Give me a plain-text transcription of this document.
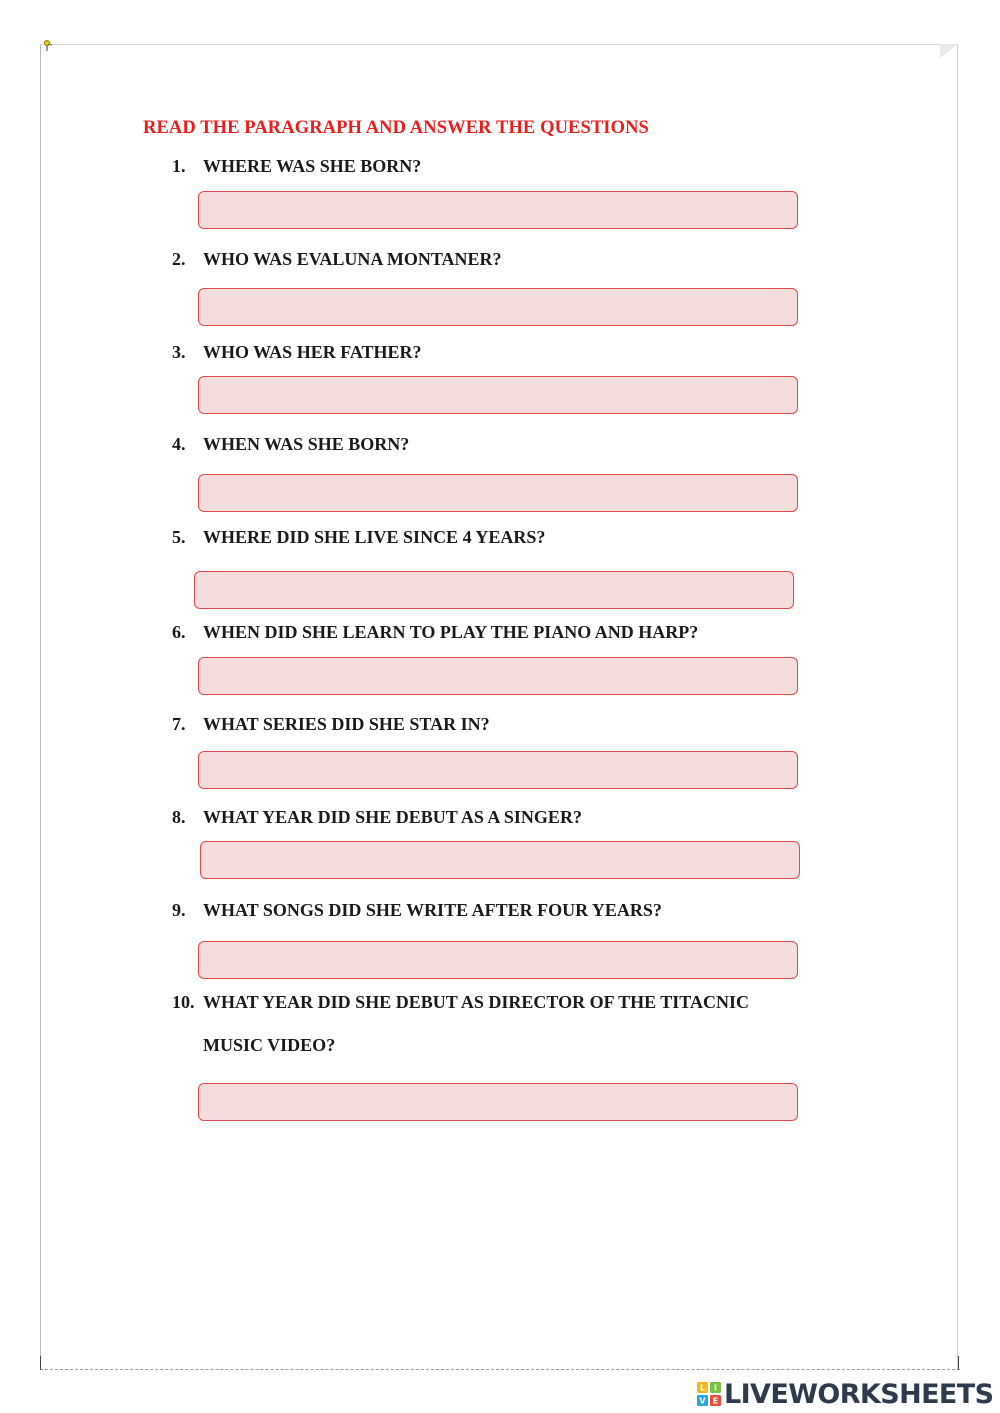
READ THE PARAGRAPH AND ANSWER THE QUESTIONS
1. WHERE WAS SHE BORN?
2. WHO WAS EVALUNA MONTANER?
3. WHO WAS HER FATHER?
4. WHEN WAS SHE BORN?
5. WHERE DID SHE LIVE SINCE 4 YEARS?
6. WHEN DID SHE LEARN TO PLAY THE PIANO AND HARP?
7. WHAT SERIES DID SHE STAR IN?
8. WHAT YEAR DID SHE DEBUT AS A SINGER?
9. WHAT SONGS DID SHE WRITE AFTER FOUR YEARS?
10. WHAT YEAR DID SHE DEBUT AS DIRECTOR OF THE TITACNIC
MUSIC VIDEO?
L I
V E LIVEWORKSHEETS
